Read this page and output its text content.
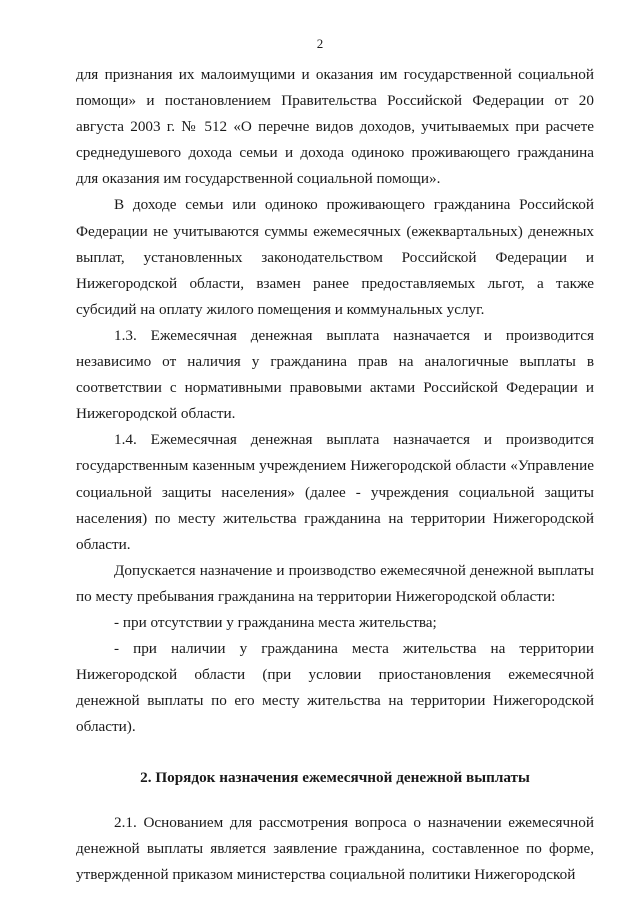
2

для признания их малоимущими и оказания им государственной социальной помощи» и постановлением Правительства Российской Федерации от 20 августа 2003 г. № 512 «О перечне видов доходов, учитываемых при расчете среднедушевого дохода семьи и дохода одиноко проживающего гражданина для оказания им государственной социальной помощи».

В доходе семьи или одиноко проживающего гражданина Российской Федерации не учитываются суммы ежемесячных (ежеквартальных) денежных выплат, установленных законодательством Российской Федерации и Нижегородской области, взамен ранее предоставляемых льгот, а также субсидий на оплату жилого помещения и коммунальных услуг.

1.3. Ежемесячная денежная выплата назначается и производится независимо от наличия у гражданина прав на аналогичные выплаты в соответствии с нормативными правовыми актами Российской Федерации и Нижегородской области.

1.4. Ежемесячная денежная выплата назначается и производится государственным казенным учреждением Нижегородской области «Управление социальной защиты населения» (далее - учреждения социальной защиты населения) по месту жительства гражданина на территории Нижегородской области.

Допускается назначение и производство ежемесячной денежной выплаты по месту пребывания гражданина на территории Нижегородской области:

- при отсутствии у гражданина места жительства;

- при наличии у гражданина места жительства на территории Нижегородской области (при условии приостановления ежемесячной денежной выплаты по его месту жительства на территории Нижегородской области).

2. Порядок назначения ежемесячной денежной выплаты

2.1. Основанием для рассмотрения вопроса о назначении ежемесячной денежной выплаты является заявление гражданина, составленное по форме, утвержденной приказом министерства социальной политики Нижегородской
